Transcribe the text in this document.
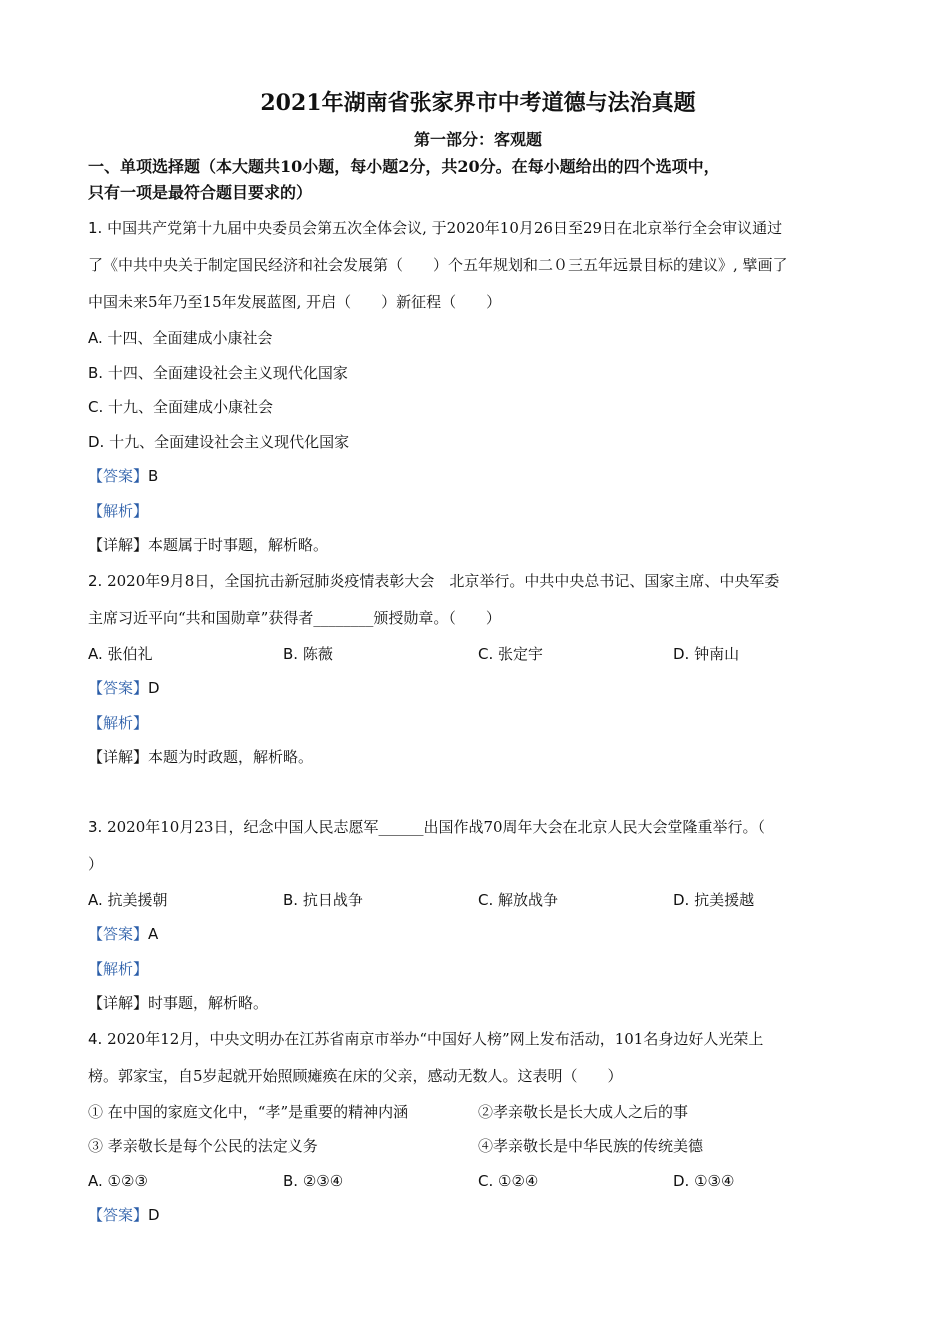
2021年湖南省张家界市中考道德与法治真题
第一部分：客观题
一、单项选择题（本大题共10小题，每小题2分，共20分。在每小题给出的四个选项中，
只有一项是最符合题目要求的）
1. 中国共产党第十九届中央委员会第五次全体会议, 于2020年10月26日至29日在北京举行全会审议通过
了《中共中央关于制定国民经济和社会发展第（　　）个五年规划和二０三五年远景目标的建议》, 擘画了
中国未来5年乃至15年发展蓝图, 开启（　　）新征程（　　）
A. 十四、全面建成小康社会
B. 十四、全面建设社会主义现代化国家
C. 十九、全面建成小康社会
D. 十九、全面建设社会主义现代化国家
【答案】B
【解析】
【详解】本题属于时事题，解析略。
2. 2020年9月8日，全国抗击新冠肺炎疫情表彰大会　北京举行。中共中央总书记、国家主席、中央军委
主席习近平向“共和国勋章”获得者________颁授勋章。（　　）
A. 张伯礼	B. 陈薇	C. 张定宇	D. 钟南山
【答案】D
【解析】
【详解】本题为时政题，解析略。
3. 2020年10月23日，纪念中国人民志愿军______出国作战70周年大会在北京人民大会堂隆重举行。（
）
A. 抗美援朝	B. 抗日战争	C. 解放战争	D. 抗美援越
【答案】A
【解析】
【详解】时事题，解析略。
4. 2020年12月，中央文明办在江苏省南京市举办“中国好人榜”网上发布活动，101名身边好人光荣上
榜。郭家宝，自5岁起就开始照顾瘫痪在床的父亲，感动无数人。这表明（　　）
① 在中国的家庭文化中，“孝”是重要的精神内涵	②孝亲敬长是长大成人之后的事
③ 孝亲敬长是每个公民的法定义务	④孝亲敬长是中华民族的传统美德
A. ①②③	B. ②③④	C. ①②④	D. ①③④
【答案】D
